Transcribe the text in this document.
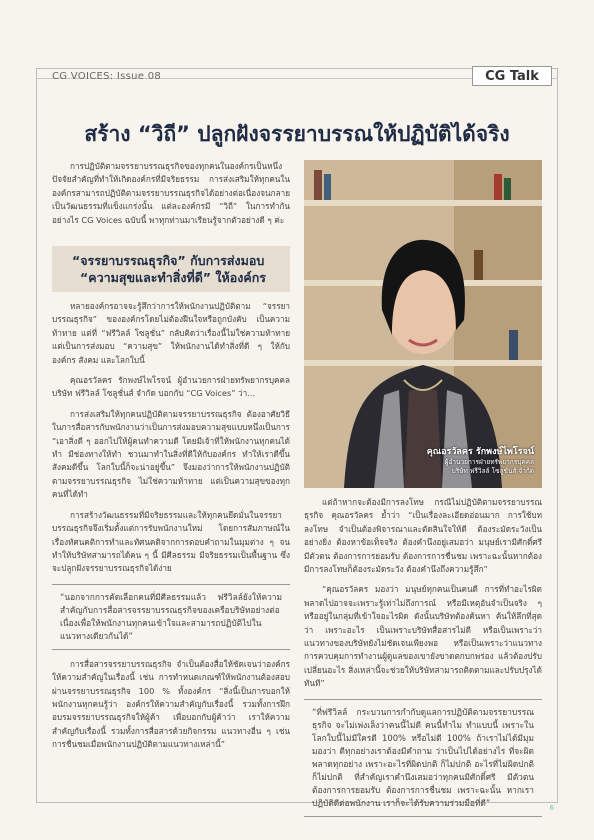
CG VOICES: Issue 08	CG Talk
สร้าง “วิถี” ปลูกฝังจรรยาบรรณให้ปฏิบัติได้จริง

การปฏิบัติตามจรรยาบรรณธุรกิจของทุกคนในองค์กรเป็นหนึ่งปัจจัยสำคัญที่ทำให้เกิดองค์กรที่มีจริยธรรม การส่งเสริมให้ทุกคนในองค์กรสามารถปฏิบัติตามจรรยาบรรณธุรกิจได้อย่างต่อเนื่องจนกลายเป็นวัฒนธรรมที่แข็งแกร่งนั้น แต่ละองค์กรมี “วิถี” ในการทำกันอย่างไร CG Voices ฉบับนี้ พาทุกท่านมาเรียนรู้จากตัวอย่างดี ๆ ค่ะ

“จรรยาบรรณธุรกิจ” กับการส่งมอบ
“ความสุขและทำสิ่งที่ดี” ให้องค์กร

หลายองค์กรอาจจะรู้สึกว่าการให้พนักงานปฏิบัติตาม “จรรยาบรรณธุรกิจ” ขององค์กรโดยไม่ต้องฝืนใจหรือถูกบังคับ เป็นความท้าทาย แต่ที่ “ฟรีวิลล์ โซลูชั่น” กลับคิดว่าเรื่องนี้ไม่ใช่ความท้าทาย แต่เป็นการส่งมอบ “ความสุข” ให้พนักงานได้ทำสิ่งที่ดี ๆ ให้กับองค์กร สังคม และโลกใบนี้

คุณอรวัลคร รักพงษ์ไพโรจน์ ผู้อำนวยการฝ่ายทรัพยากรบุคคล บริษัท ฟรีวิลล์ โซลูชั่นส์ จำกัด บอกกับ “CG Voices” ว่า...

การส่งเสริมให้ทุกคนปฏิบัติตามจรรยาบรรณธุรกิจ ต้องอาศัยวิธีในการสื่อสารกับพนักงานว่าเป็นการส่งมอบความสุขแบบหนึ่งเป็นการ “เอาสิ่งดี ๆ ออกไปให้ผู้คนทำความดี โดยมีเจ้าที่ให้พนักงานทุกคนได้ทำ มีช่องทางให้ทำ ชวนมาทำในสิ่งที่ดีให้กับองค์กร ทำให้เราดีขึ้น สังคมดีขึ้น โลกใบนี้ก็จะน่าอยู่ขึ้น” จึงมองว่าการให้พนักงานปฏิบัติตามจรรยาบรรณธุรกิจ ไม่ใช่ความท้าทาย แต่เป็นความสุขของทุกคนที่ได้ทำ

การสร้างวัฒนธรรมที่มีจริยธรรมและให้ทุกคนยึดมั่นในจรรยาบรรณธุรกิจจึงเริ่มตั้งแต่การรับพนักงานใหม่ โดยการสัมภาษณ์ในเรื่องทัศนคติการทำและทัศนคติจากการตอบคำถามในมุมต่าง ๆ จนทำให้บริษัทสามารถได้คน ๆ นี้ มีศีลธรรม มีจริยธรรมเป็นพื้นฐาน ซึ่งจะปลูกฝังจรรยาบรรณธุรกิจได้ง่าย

“นอกจากการคัดเลือกคนที่มีศีลธรรมแล้ว ฟรีวิลล์ยังให้ความสำคัญกับการสื่อสารจรรยาบรรณธุรกิจของเครือบริษัทอย่างต่อเนื่องเพื่อให้พนักงานทุกคนเข้าใจและสามารถปฏิบัติไปในแนวทางเดียวกันได้”

การสื่อสารจรรยาบรรณธุรกิจ จำเป็นต้องสื่อให้ชัดเจนว่าองค์กรให้ความสำคัญในเรื่องนี้ เช่น การทำหนดเกณฑ์ให้พนักงานต้องสอบผ่านจรรยาบรรณธุรกิจ 100 % ทั้งองค์กร “สิ่งนี้เป็นการบอกให้พนักงานทุกคนรู้ว่า องค์กรให้ความสำคัญกับเรื่องนี้ รวมทั้งการฝึกอบรมจรรยาบรรณธุรกิจให้ผู้ค้า เพื่อบอกกับผู้ค้าว่า เราให้ความสำคัญกับเรื่องนี้ รวมทั้งการสื่อสารด้วยกิจกรรม แนวทางอื่น ๆ เช่น การชื่นชมเมื่อพนักงานปฏิบัติตามแนวทางเหล่านี้”

คุณอรวัลคร รักพงษ์ไพโรจน์
ผู้อำนวยการฝ่ายทรัพยากรบุคคล
บริษัท ฟรีวิลล์ โซลูชั่นส์ จำกัด

แต่ถ้าหากจะต้องมีการลงโทษ กรณีไม่ปฏิบัติตามจรรยาบรรณธุรกิจ คุณอรวัลคร ย้ำว่า “เป็นเรื่องละเอียดอ่อนมาก การใช้บทลงโทษ จำเป็นต้องพิจารณาและตัดสินใจให้ดี ต้องระมัดระวังเป็นอย่างยิ่ง ต้องหาข้อเท็จจริง ต้องคำนึงอยู่เสมอว่า มนุษย์เรามีศักดิ์ศรี มีตัวตน ต้องการการยอมรับ ต้องการการชื่นชม เพราะฉะนั้นหากต้องมีการลงโทษก็ต้องระมัดระวัง ต้องคำนึงถึงความรู้สึก”

“คุณอรวัลคร มองว่า มนุษย์ทุกคนเป็นคนดี การที่ทำอะไรผิดพลาดไปอาจจะเพราะรู้เท่าไม่ถึงการณ์ หรือมีเหตุอันจำเป็นจริง ๆ หรืออยู่ในกลุ่มที่เข้าใจอะไรผิด ดังนั้นบริษัทต้องค้นหา ค้นให้ลึกที่สุดว่า เพราะอะไร เป็นเพราะบริษัทสื่อสารไม่ดี หรือเป็นเพราะว่า แนวทางของบริษัทยังไม่ชัดเจนเพียงพอ หรือเป็นเพราะว่าแนวทางการควบคุมการทำงานผู้ดูแลของเขายังขาดตกบกพร่อง แล้วต้องปรับเปลี่ยนอะไร สิ่งเหล่านี้จะช่วยให้บริษัทสามารถติดตามและปรับปรุงได้ทันที”

“ที่ฟรีวิลล์ กระบวนการกำกับดูแลการปฏิบัติตามจรรยาบรรณธุรกิจ จะไม่เพ่งเล็งว่าคนนี้ไม่ดี คนนี้ทำไม ทำแบบนี้ เพราะในโลกใบนี้ไม่มีใครดี 100% หรือไม่ดี 100% ถ้าเราไม่ได้มีมุมมองว่า ดีทุกอย่างเราต้องมีคำถาม ว่าเป็นไปได้อย่างไร ที่จะผิดพลาดทุกอย่าง เพราะอะไรที่ผิดปกติ ก็ไม่ปกติ อะไรที่ไม่ผิดปกติ ก็ไม่ปกติ ที่สำคัญเราคำนึงเสมอว่าทุกคนมีศักดิ์ศรี มีตัวตน ต้องการการยอมรับ ต้องการการชื่นชม เพราะฉะนั้น หากเราปฏิบัติดีต่อพนักงาน เราก็จะได้รับความร่วมมือที่ดี”
6
